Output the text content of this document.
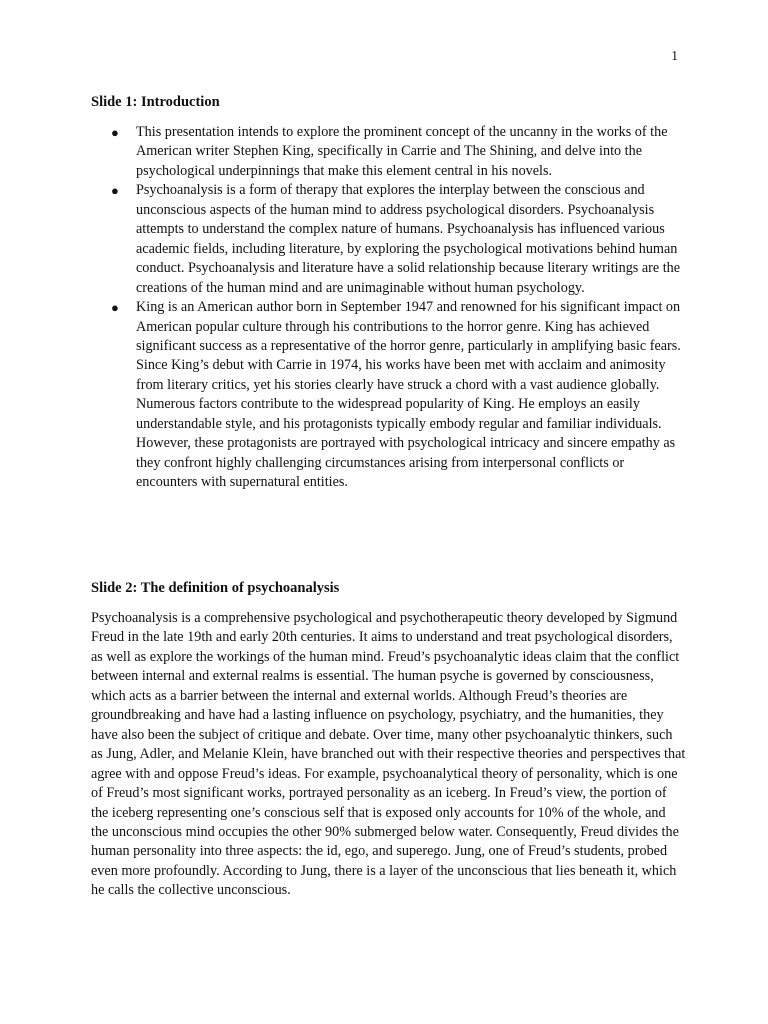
1
Slide 1: Introduction
● This presentation intends to explore the prominent concept of the uncanny in the works of the American writer Stephen King, specifically in Carrie and The Shining, and delve into the psychological underpinnings that make this element central in his novels.
● Psychoanalysis is a form of therapy that explores the interplay between the conscious and unconscious aspects of the human mind to address psychological disorders. Psychoanalysis attempts to understand the complex nature of humans. Psychoanalysis has influenced various academic fields, including literature, by exploring the psychological motivations behind human conduct. Psychoanalysis and literature have a solid relationship because literary writings are the creations of the human mind and are unimaginable without human psychology.
● King is an American author born in September 1947 and renowned for his significant impact on American popular culture through his contributions to the horror genre. King has achieved significant success as a representative of the horror genre, particularly in amplifying basic fears. Since King’s debut with Carrie in 1974, his works have been met with acclaim and animosity from literary critics, yet his stories clearly have struck a chord with a vast audience globally. Numerous factors contribute to the widespread popularity of King. He employs an easily understandable style, and his protagonists typically embody regular and familiar individuals. However, these protagonists are portrayed with psychological intricacy and sincere empathy as they confront highly challenging circumstances arising from interpersonal conflicts or encounters with supernatural entities.
Slide 2: The definition of psychoanalysis

Psychoanalysis is a comprehensive psychological and psychotherapeutic theory developed by Sigmund Freud in the late 19th and early 20th centuries. It aims to understand and treat psychological disorders, as well as explore the workings of the human mind. Freud’s psychoanalytic ideas claim that the conflict between internal and external realms is essential. The human psyche is governed by consciousness, which acts as a barrier between the internal and external worlds. Although Freud’s theories are groundbreaking and have had a lasting influence on psychology, psychiatry, and the humanities, they have also been the subject of critique and debate. Over time, many other psychoanalytic thinkers, such as Jung, Adler, and Melanie Klein, have branched out with their respective theories and perspectives that agree with and oppose Freud’s ideas. For example, psychoanalytical theory of personality, which is one of Freud’s most significant works, portrayed personality as an iceberg. In Freud’s view, the portion of the iceberg representing one’s conscious self that is exposed only accounts for 10% of the whole, and the unconscious mind occupies the other 90% submerged below water. Consequently, Freud divides the human personality into three aspects: the id, ego, and superego. Jung, one of Freud’s students, probed even more profoundly. According to Jung, there is a layer of the unconscious that lies beneath it, which he calls the collective unconscious.
